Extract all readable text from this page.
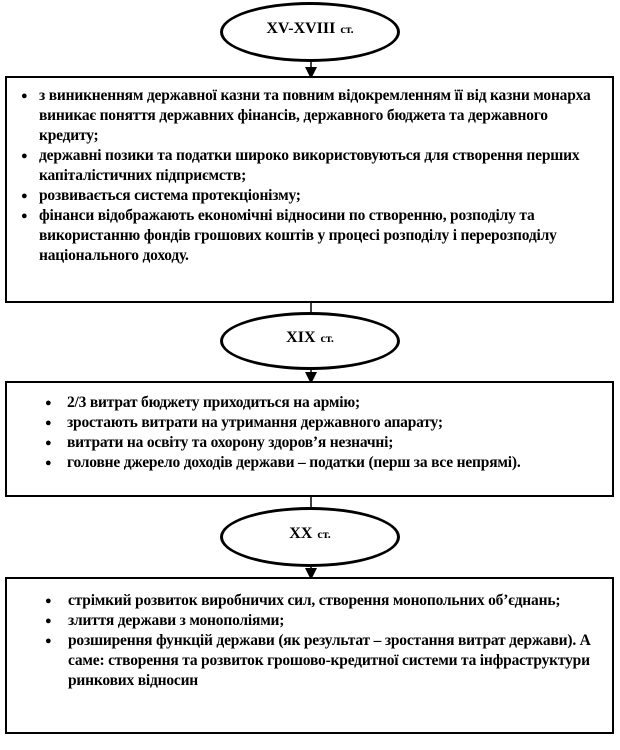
XV-XVIII ст.
● з виникненням державної казни та повним відокремленням її від казни монарха виникає поняття державних фінансів, державного бюджета та державного кредиту;
● державні позики та податки широко використовуються для створення перших капіталістичних підприємств;
● розвивається система протекціонізму;
● фінанси відображають економічні відносини по створенню, розподілу та використанню фондів грошових коштів у процесі розподілу і перерозподілу національного доходу.
XIX ст.
● 2/3 витрат бюджету приходиться на армію;
● зростають витрати на утримання державного апарату;
● витрати на освіту та охорону здоров’я незначні;
● головне джерело доходів держави – податки (перш за все непрямі).
XX ст.
● стрімкий розвиток виробничих сил, створення монопольних об’єднань;
● злиття держави з монополіями;
● розширення функцій держави (як результат – зростання витрат держави). А саме: створення та розвиток грошово-кредитної системи та інфраструктури ринкових відносин
